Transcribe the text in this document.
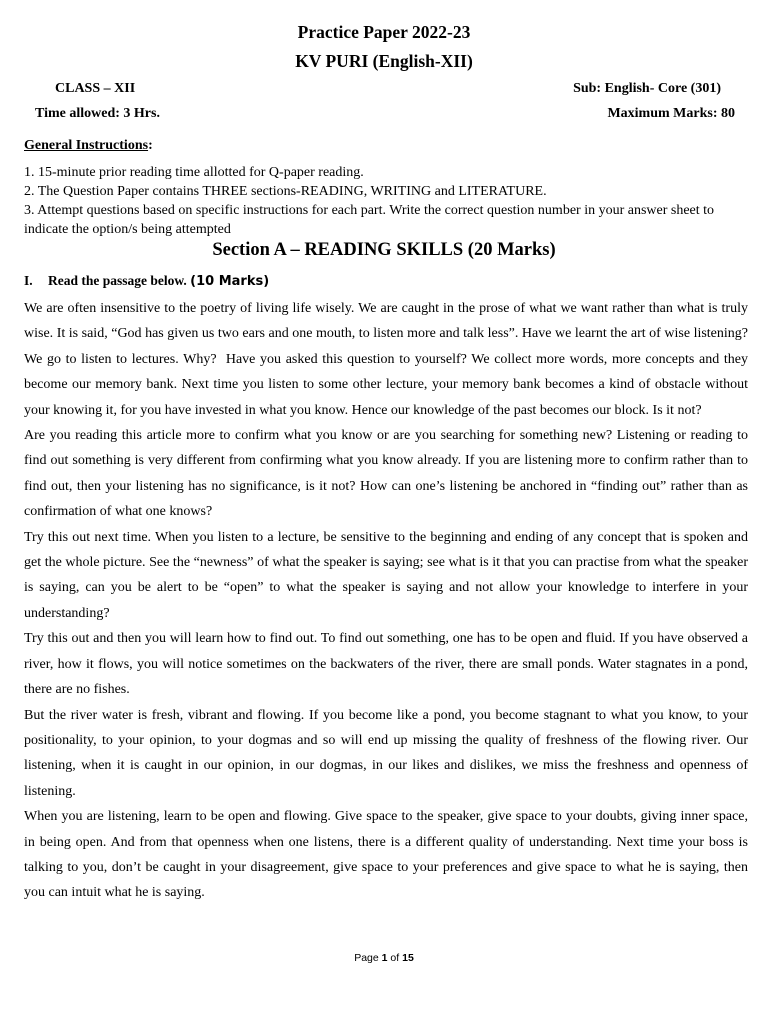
Practice Paper 2022-23
KV PURI (English-XII)
CLASS – XII	Sub: English- Core (301)
Time allowed: 3 Hrs.	Maximum Marks: 80
General Instructions:

1. 15-minute prior reading time allotted for Q-paper reading.

2. The Question Paper contains THREE sections-READING, WRITING and LITERATURE.

3. Attempt questions based on specific instructions for each part. Write the correct question number in your answer sheet to indicate the option/s being attempted

Section A – READING SKILLS (20 Marks)
I. Read the passage below. (10 Marks)

We are often insensitive to the poetry of living life wisely. We are caught in the prose of what we want rather than what is truly wise. It is said, “God has given us two ears and one mouth, to listen more and talk less”. Have we learnt the art of wise listening? We go to listen to lectures. Why?  Have you asked this question to yourself? We collect more words, more concepts and they become our memory bank. Next time you listen to some other lecture, your memory bank becomes a kind of obstacle without your knowing it, for you have invested in what you know. Hence our knowledge of the past becomes our block. Is it not?

Are you reading this article more to confirm what you know or are you searching for something new? Listening or reading to find out something is very different from confirming what you know already. If you are listening more to confirm rather than to find out, then your listening has no significance, is it not? How can one’s listening be anchored in “finding out” rather than as confirmation of what one knows?

Try this out next time. When you listen to a lecture, be sensitive to the beginning and ending of any concept that is spoken and get the whole picture. See the “newness” of what the speaker is saying; see what is it that you can practise from what the speaker is saying, can you be alert to be “open” to what the speaker is saying and not allow your knowledge to interfere in your understanding?

Try this out and then you will learn how to find out. To find out something, one has to be open and fluid. If you have observed a river, how it flows, you will notice sometimes on the backwaters of the river, there are small ponds. Water stagnates in a pond, there are no fishes.

But the river water is fresh, vibrant and flowing. If you become like a pond, you become stagnant to what you know, to your positionality, to your opinion, to your dogmas and so will end up missing the quality of freshness of the flowing river. Our listening, when it is caught in our opinion, in our dogmas, in our likes and dislikes, we miss the freshness and openness of listening.

When you are listening, learn to be open and flowing. Give space to the speaker, give space to your doubts, giving inner space, in being open. And from that openness when one listens, there is a different quality of understanding. Next time your boss is talking to you, don’t be caught in your disagreement, give space to your preferences and give space to what he is saying, then you can intuit what he is saying.

Page 1 of 15
